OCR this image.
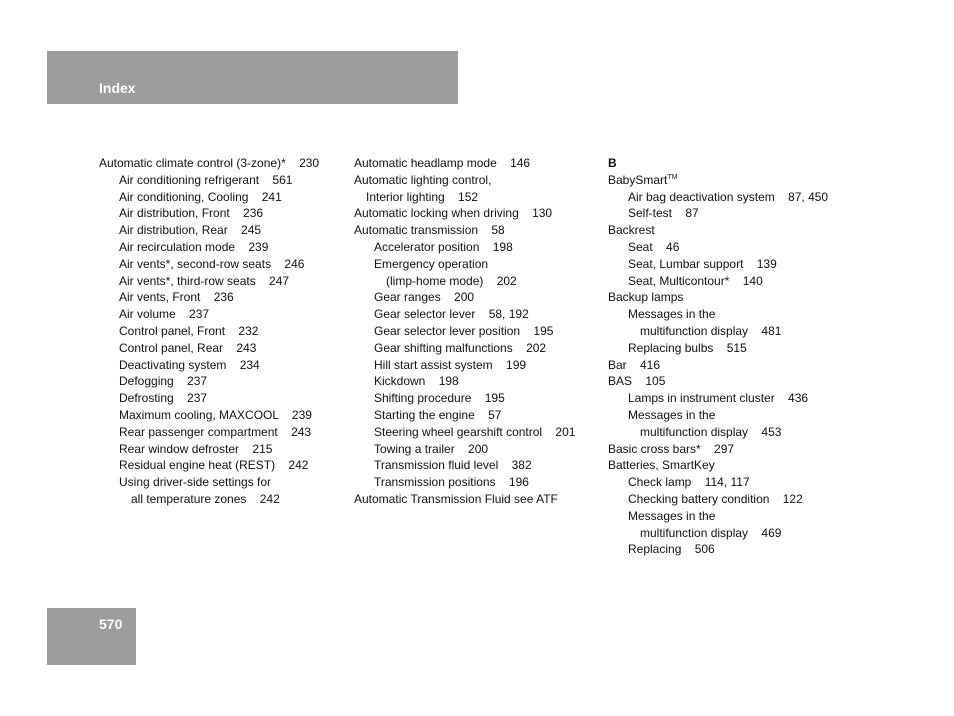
Index
Automatic climate control (3-zone)*    230
Air conditioning refrigerant    561
Air conditioning, Cooling    241
Air distribution, Front    236
Air distribution, Rear    245
Air recirculation mode    239
Air vents*, second-row seats    246
Air vents*, third-row seats    247
Air vents, Front    236
Air volume    237
Control panel, Front    232
Control panel, Rear    243
Deactivating system    234
Defogging    237
Defrosting    237
Maximum cooling, MAXCOOL    239
Rear passenger compartment    243
Rear window defroster    215
Residual engine heat (REST)    242
Using driver-side settings for
all temperature zones    242
Automatic headlamp mode    146
Automatic lighting control,
Interior lighting    152
Automatic locking when driving    130
Automatic transmission    58
Accelerator position    198
Emergency operation
(limp-home mode)    202
Gear ranges    200
Gear selector lever    58, 192
Gear selector lever position    195
Gear shifting malfunctions    202
Hill start assist system    199
Kickdown    198
Shifting procedure    195
Starting the engine    57
Steering wheel gearshift control    201
Towing a trailer    200
Transmission fluid level    382
Transmission positions    196
Automatic Transmission Fluid see ATF
B
BabySmart™
Air bag deactivation system    87, 450
Self-test    87
Backrest
Seat    46
Seat, Lumbar support    139
Seat, Multicontour*    140
Backup lamps
Messages in the
multifunction display    481
Replacing bulbs    515
Bar    416
BAS    105
Lamps in instrument cluster    436
Messages in the
multifunction display    453
Basic cross bars*    297
Batteries, SmartKey
Check lamp    114, 117
Checking battery condition    122
Messages in the
multifunction display    469
Replacing    506
570
